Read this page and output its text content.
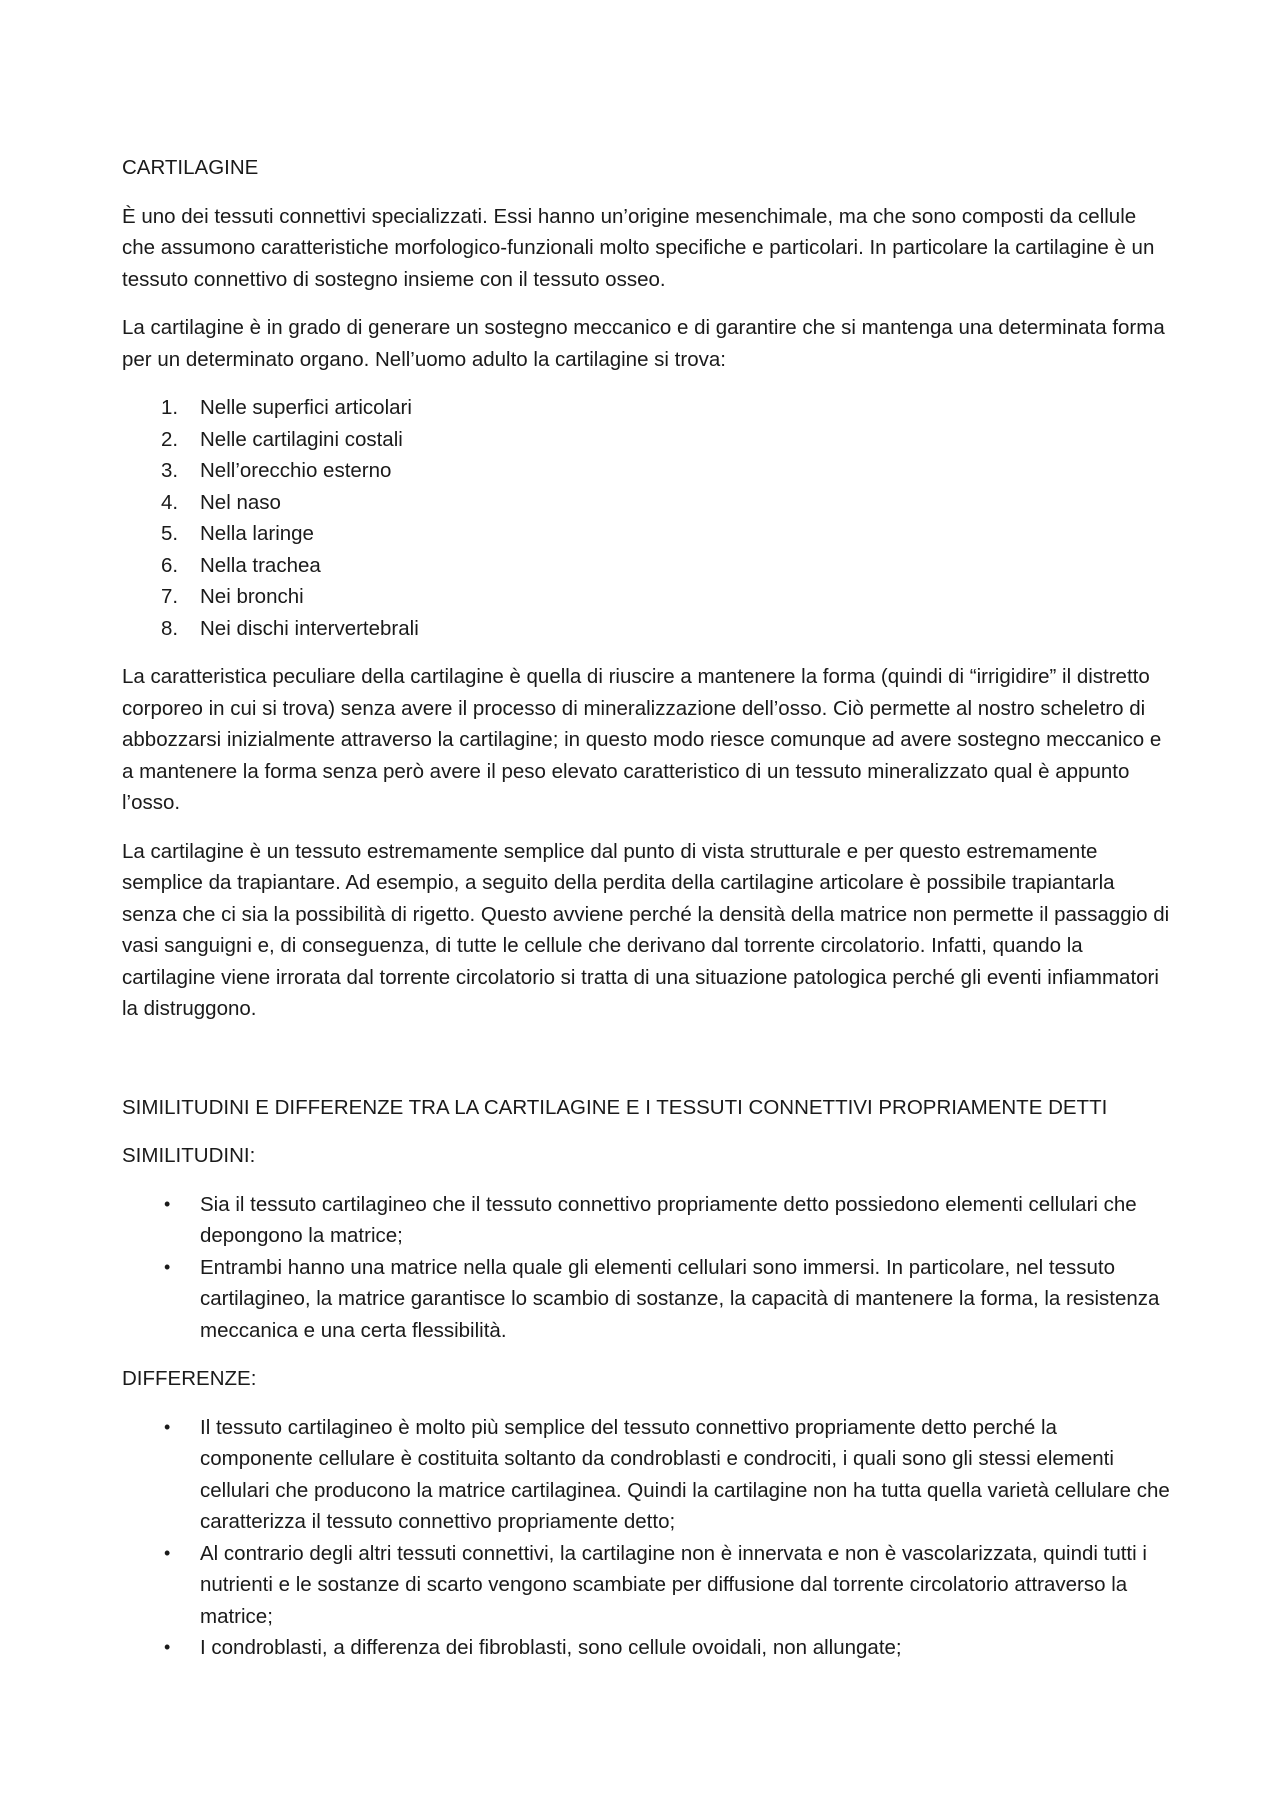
CARTILAGINE
È uno dei tessuti connettivi specializzati. Essi hanno un’origine mesenchimale, ma che sono composti da cellule che assumono caratteristiche morfologico-funzionali molto specifiche e particolari. In particolare la cartilagine è un tessuto connettivo di sostegno insieme con il tessuto osseo.
La cartilagine è in grado di generare un sostegno meccanico e di garantire che si mantenga una determinata forma per un determinato organo. Nell’uomo adulto la cartilagine si trova:
1. Nelle superfici articolari
2. Nelle cartilagini costali
3. Nell’orecchio esterno
4. Nel naso
5. Nella laringe
6. Nella trachea
7. Nei bronchi
8. Nei dischi intervertebrali
La caratteristica peculiare della cartilagine è quella di riuscire a mantenere la forma (quindi di “irrigidire” il distretto corporeo in cui si trova) senza avere il processo di mineralizzazione dell’osso. Ciò permette al nostro scheletro di abbozzarsi inizialmente attraverso la cartilagine; in questo modo riesce comunque ad avere sostegno meccanico e a mantenere la forma senza però avere il peso elevato caratteristico di un tessuto mineralizzato qual è appunto l’osso.
La cartilagine è un tessuto estremamente semplice dal punto di vista strutturale e per questo estremamente semplice da trapiantare. Ad esempio, a seguito della perdita della cartilagine articolare è possibile trapiantarla senza che ci sia la possibilità di rigetto. Questo avviene perché la densità della matrice non permette il passaggio di vasi sanguigni e, di conseguenza, di tutte le cellule che derivano dal torrente circolatorio. Infatti, quando la cartilagine viene irrorata dal torrente circolatorio si tratta di una situazione patologica perché gli eventi infiammatori la distruggono.
SIMILITUDINI E DIFFERENZE TRA LA CARTILAGINE E I TESSUTI CONNETTIVI PROPRIAMENTE DETTI
SIMILITUDINI:
• Sia il tessuto cartilagineo che il tessuto connettivo propriamente detto possiedono elementi cellulari che depongono la matrice;
• Entrambi hanno una matrice nella quale gli elementi cellulari sono immersi. In particolare, nel tessuto cartilagineo, la matrice garantisce lo scambio di sostanze, la capacità di mantenere la forma, la resistenza meccanica e una certa flessibilità.
DIFFERENZE:
• Il tessuto cartilagineo è molto più semplice del tessuto connettivo propriamente detto perché la componente cellulare è costituita soltanto da condroblasti e condrociti, i quali sono gli stessi elementi cellulari che producono la matrice cartilaginea. Quindi la cartilagine non ha tutta quella varietà cellulare che caratterizza il tessuto connettivo propriamente detto;
• Al contrario degli altri tessuti connettivi, la cartilagine non è innervata e non è vascolarizzata, quindi tutti i nutrienti e le sostanze di scarto vengono scambiate per diffusione dal torrente circolatorio attraverso la matrice;
• I condroblasti, a differenza dei fibroblasti, sono cellule ovoidali, non allungate;
